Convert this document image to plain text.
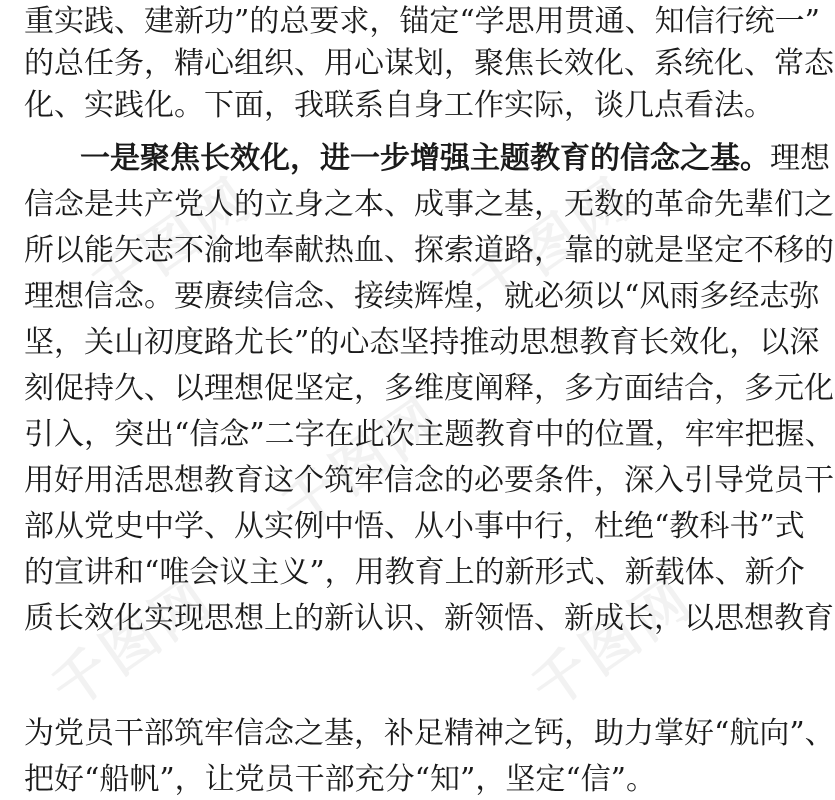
千图网	千图网
千图网
千图网	千图网
重实践、建新功”的总要求，锚定“学思用贯通、知信行统一”
的总任务，精心组织、用心谋划，聚焦长效化、系统化、常态
化、实践化。下面，我联系自身工作实际，谈几点看法。
一是聚焦长效化，进一步增强主题教育的信念之基。理想
信念是共产党人的立身之本、成事之基，无数的革命先辈们之
所以能矢志不渝地奉献热血、探索道路，靠的就是坚定不移的
理想信念。要赓续信念、接续辉煌，就必须以“风雨多经志弥
坚，关山初度路尤长”的心态坚持推动思想教育长效化，以深
刻促持久、以理想促坚定，多维度阐释，多方面结合，多元化
引入，突出“信念”二字在此次主题教育中的位置，牢牢把握、
用好用活思想教育这个筑牢信念的必要条件，深入引导党员干
部从党史中学、从实例中悟、从小事中行，杜绝“教科书”式
的宣讲和“唯会议主义”，用教育上的新形式、新载体、新介
质长效化实现思想上的新认识、新领悟、新成长，以思想教育
为党员干部筑牢信念之基，补足精神之钙，助力掌好“航向”、
把好“船帆”，让党员干部充分“知”，坚定“信”。
